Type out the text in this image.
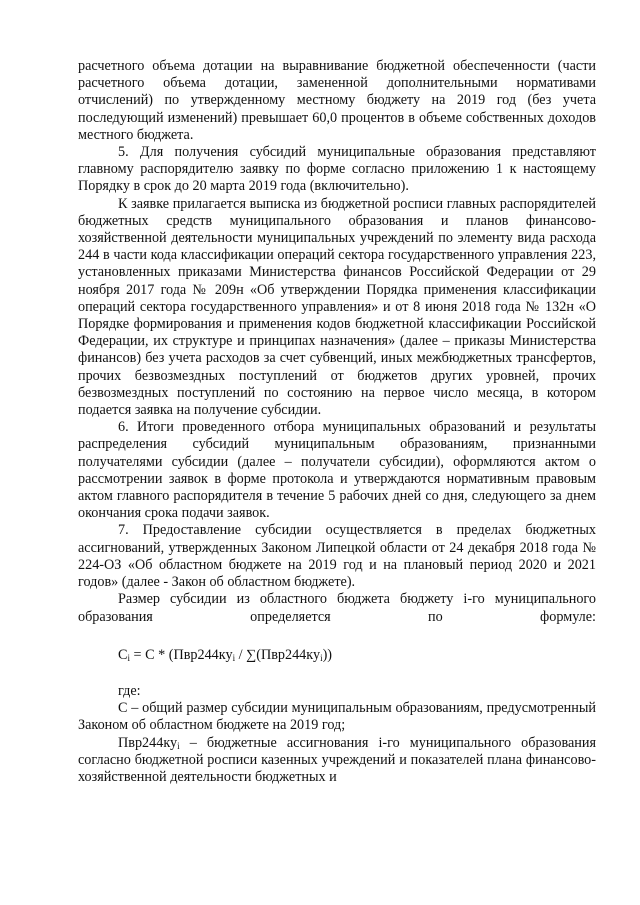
расчетного объема дотации на выравнивание бюджетной обеспеченности (части расчетного объема дотации, замененной дополнительными нормативами отчислений) по утвержденному местному бюджету на 2019 год (без учета последующий изменений) превышает 60,0 процентов в объеме собственных доходов местного бюджета.

5. Для получения субсидий муниципальные образования представляют главному распорядителю заявку по форме согласно приложению 1 к настоящему Порядку в срок до 20 марта 2019 года (включительно).

К заявке прилагается выписка из бюджетной росписи главных распорядителей бюджетных средств муниципального образования и планов финансово-хозяйственной деятельности муниципальных учреждений по элементу вида расхода 244 в части кода классификации операций сектора государственного управления 223, установленных приказами Министерства финансов Российской Федерации от 29 ноября 2017 года № 209н «Об утверждении Порядка применения классификации операций сектора государственного управления» и от 8 июня 2018 года № 132н «О Порядке формирования и применения кодов бюджетной классификации Российской Федерации, их структуре и принципах назначения» (далее – приказы Министерства финансов) без учета расходов за счет субвенций, иных межбюджетных трансфертов, прочих безвозмездных поступлений от бюджетов других уровней, прочих безвозмездных поступлений по состоянию на первое число месяца, в котором подается заявка на получение субсидии.

6. Итоги проведенного отбора муниципальных образований и результаты распределения субсидий муниципальным образованиям, признанными получателями субсидии (далее – получатели субсидии), оформляются актом о рассмотрении заявок в форме протокола и утверждаются нормативным правовым актом главного распорядителя в течение 5 рабочих дней со дня, следующего за днем окончания срока подачи заявок.

7. Предоставление субсидии осуществляется в пределах бюджетных ассигнований, утвержденных Законом Липецкой области от 24 декабря 2018 года № 224-ОЗ «Об областном бюджете на 2019 год и на плановый период 2020 и 2021 годов» (далее - Закон об областном бюджете).

Размер субсидии из областного бюджета бюджету i-го муниципального образования определяется по формуле:

$С_i = С * (Пвр244ку_i / \sum(Пвр244ку_i))$

где:

С – общий размер субсидии муниципальным образованиям, предусмотренный Законом об областном бюджете на 2019 год;

$Пвр244ку_i$ – бюджетные ассигнования i-го муниципального образования согласно бюджетной росписи казенных учреждений и показателей плана финансово-хозяйственной деятельности бюджетных и
